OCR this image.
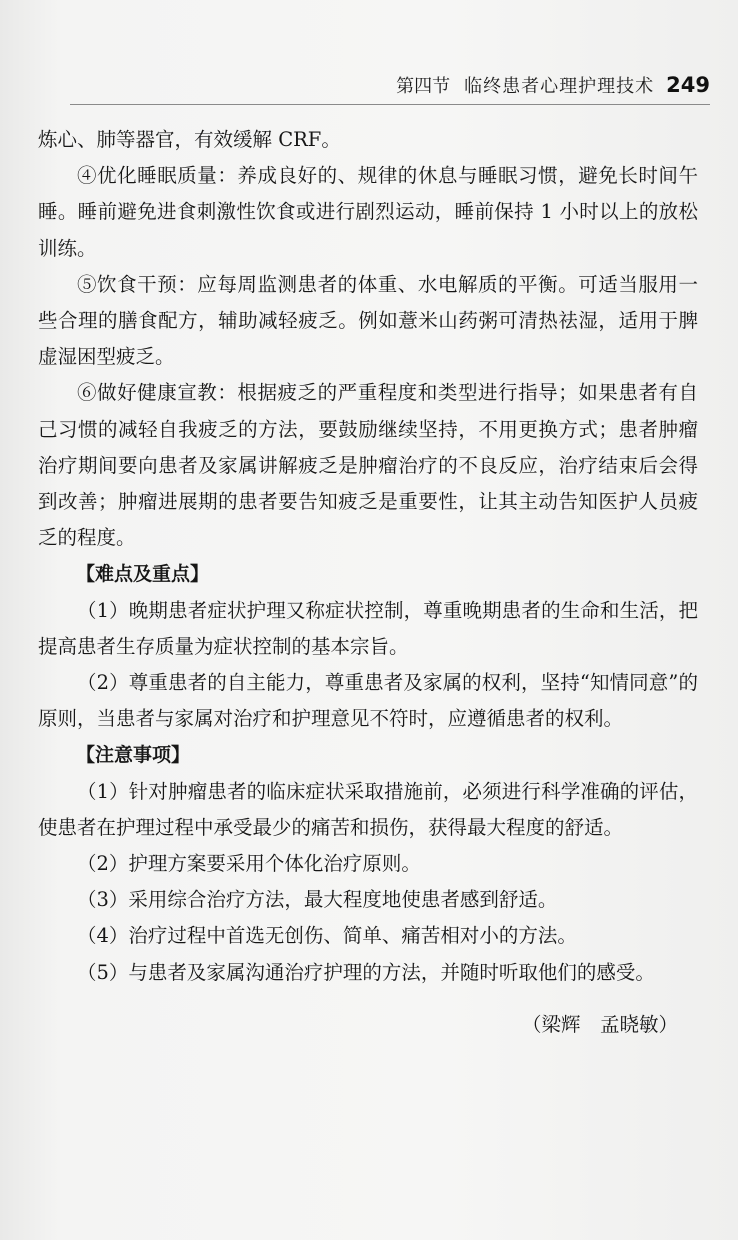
第四节 临终患者心理护理技术 249

炼心、肺等器官，有效缓解 CRF。

④优化睡眠质量：养成良好的、规律的休息与睡眠习惯，避免长时间午睡。睡前避免进食刺激性饮食或进行剧烈运动，睡前保持 1 小时以上的放松训练。

⑤饮食干预：应每周监测患者的体重、水电解质的平衡。可适当服用一些合理的膳食配方，辅助减轻疲乏。例如薏米山药粥可清热祛湿，适用于脾虚湿困型疲乏。

⑥做好健康宣教：根据疲乏的严重程度和类型进行指导；如果患者有自己习惯的减轻自我疲乏的方法，要鼓励继续坚持，不用更换方式；患者肿瘤治疗期间要向患者及家属讲解疲乏是肿瘤治疗的不良反应，治疗结束后会得到改善；肿瘤进展期的患者要告知疲乏是重要性，让其主动告知医护人员疲乏的程度。

【难点及重点】

（1）晚期患者症状护理又称症状控制，尊重晚期患者的生命和生活，把提高患者生存质量为症状控制的基本宗旨。

（2）尊重患者的自主能力，尊重患者及家属的权利，坚持“知情同意”的原则，当患者与家属对治疗和护理意见不符时，应遵循患者的权利。

【注意事项】

（1）针对肿瘤患者的临床症状采取措施前，必须进行科学准确的评估，使患者在护理过程中承受最少的痛苦和损伤，获得最大程度的舒适。

（2）护理方案要采用个体化治疗原则。

（3）采用综合治疗方法，最大程度地使患者感到舒适。

（4）治疗过程中首选无创伤、简单、痛苦相对小的方法。

（5）与患者及家属沟通治疗护理的方法，并随时听取他们的感受。

（梁辉　孟晓敏）
